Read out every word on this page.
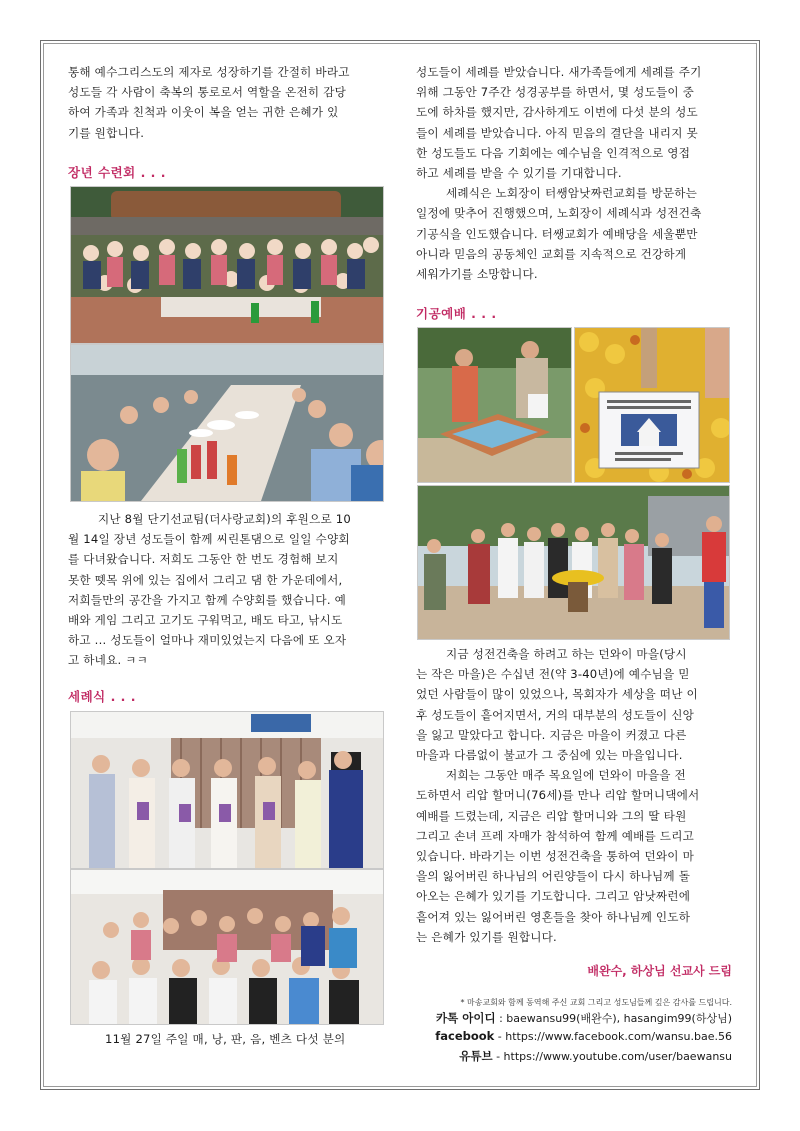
통해 예수그리스도의 제자로 성장하기를 간절히 바라고

성도들 각 사람이 축복의 통로로서 역할을 온전히 감당

하여 가족과 친척과 이웃이 복을 얻는 귀한 은혜가 있

기를 원합니다.

장년 수련회 . . .

지난 8월 단기선교팀(더사랑교회)의 후원으로 10

월 14일 장년 성도들이 함께 씨린톤댐으로 일일 수양회

를 다녀왔습니다. 저희도 그동안 한 번도 경험해 보지

못한 뗏목 위에 있는 집에서 그리고 댐 한 가운데에서,

저희들만의 공간을 가지고 함께 수양회를 했습니다. 예

배와 게임 그리고 고기도 구워먹고, 배도 타고, 낚시도

하고 ... 성도들이 얼마나 재미있었는지 다음에 또 오자

고 하네요. ㅋㅋ

세례식 . . .
11월 27일 주일 매, 낭, 판, 음, 벤츠 다섯 분의

성도들이 세례를 받았습니다. 새가족들에게 세례를 주기

위해 그동안 7주간 성경공부를 하면서, 몇 성도들이 중

도에 하차를 했지만, 감사하게도 이번에 다섯 분의 성도

들이 세례를 받았습니다. 아직 믿음의 결단을 내리지 못

한 성도들도 다음 기회에는 예수님을 인격적으로 영접

하고 세례를 받을 수 있기를 기대합니다.

세례식은 노회장이 터쌩암낫짜런교회를 방문하는

일정에 맞추어 진행했으며, 노회장이 세례식과 성전건축

기공식을 인도했습니다. 터쌩교회가 예배당을 세울뿐만

아니라 믿음의 공동체인 교회를 지속적으로 건강하게

세워가기를 소망합니다.

기공예배 . . .

지금 성전건축을 하려고 하는 던와이 마을(당시

는 작은 마을)은 수십년 전(약 3-40년)에 예수님을 믿

었던 사람들이 많이 있었으나, 목회자가 세상을 떠난 이

후 성도들이 흩어지면서, 거의 대부분의 성도들이 신앙

을 잃고 말았다고 합니다. 지금은 마을이 커졌고 다른

마을과 다름없이 불교가 그 중심에 있는 마을입니다.

저희는 그동안 매주 목요일에 던와이 마을을 전

도하면서 리압 할머니(76세)를 만나 리압 할머니댁에서

예배를 드렸는데, 지금은 리압 할머니와 그의 딸 타원

그리고 손녀 프레 자매가 참석하여 함께 예배를 드리고

있습니다. 바라기는 이번 성전건축을 통하여 던와이 마

을의 잃어버린 하나님의 어린양들이 다시 하나님께 돌

아오는 은혜가 있기를 기도합니다. 그리고 암낫짜런에

흩어져 있는 잃어버린 영혼들을 찾아 하나님께 인도하

는 은혜가 있기를 원합니다.

배완수, 하상님 선교사 드림
* 마송교회와 함께 동역해 주신 교회 그리고 성도님들께 깊은 감사를 드립니다.
카톡 아이디 : baewansu99(배완수), hasangim99(하상님)
facebook - https://www.facebook.com/wansu.bae.56
유튜브 - https://www.youtube.com/user/baewansu
